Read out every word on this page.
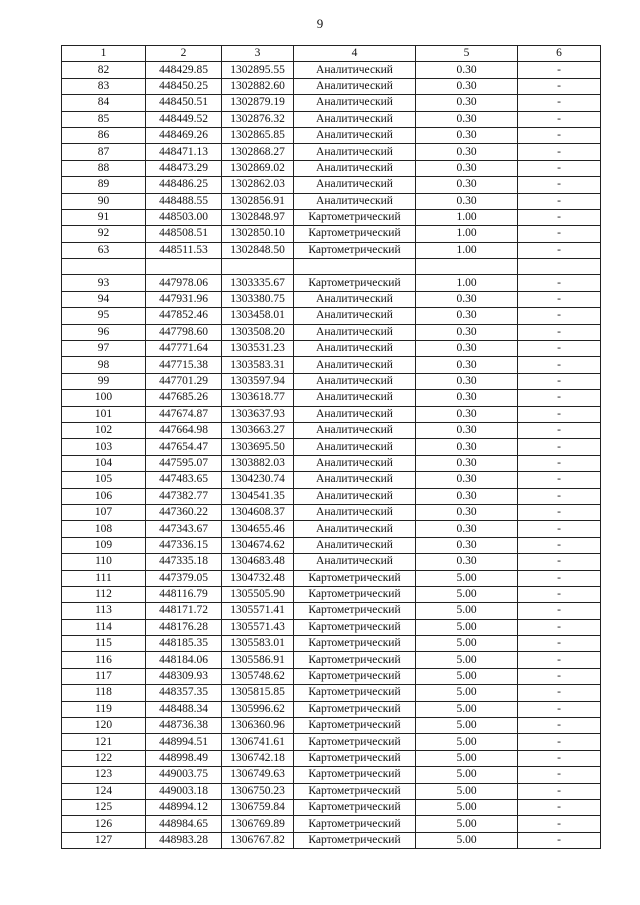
9
1	2	3	4	5	6
82	448429.85	1302895.55	Аналитический	0.30	-
83	448450.25	1302882.60	Аналитический	0.30	-
84	448450.51	1302879.19	Аналитический	0.30	-
85	448449.52	1302876.32	Аналитический	0.30	-
86	448469.26	1302865.85	Аналитический	0.30	-
87	448471.13	1302868.27	Аналитический	0.30	-
88	448473.29	1302869.02	Аналитический	0.30	-
89	448486.25	1302862.03	Аналитический	0.30	-
90	448488.55	1302856.91	Аналитический	0.30	-
91	448503.00	1302848.97	Картометрический	1.00	-
92	448508.51	1302850.10	Картометрический	1.00	-
63	448511.53	1302848.50	Картометрический	1.00	-

93	447978.06	1303335.67	Картометрический	1.00	-
94	447931.96	1303380.75	Аналитический	0.30	-
95	447852.46	1303458.01	Аналитический	0.30	-
96	447798.60	1303508.20	Аналитический	0.30	-
97	447771.64	1303531.23	Аналитический	0.30	-
98	447715.38	1303583.31	Аналитический	0.30	-
99	447701.29	1303597.94	Аналитический	0.30	-
100	447685.26	1303618.77	Аналитический	0.30	-
101	447674.87	1303637.93	Аналитический	0.30	-
102	447664.98	1303663.27	Аналитический	0.30	-
103	447654.47	1303695.50	Аналитический	0.30	-
104	447595.07	1303882.03	Аналитический	0.30	-
105	447483.65	1304230.74	Аналитический	0.30	-
106	447382.77	1304541.35	Аналитический	0.30	-
107	447360.22	1304608.37	Аналитический	0.30	-
108	447343.67	1304655.46	Аналитический	0.30	-
109	447336.15	1304674.62	Аналитический	0.30	-
110	447335.18	1304683.48	Аналитический	0.30	-
111	447379.05	1304732.48	Картометрический	5.00	-
112	448116.79	1305505.90	Картометрический	5.00	-
113	448171.72	1305571.41	Картометрический	5.00	-
114	448176.28	1305571.43	Картометрический	5.00	-
115	448185.35	1305583.01	Картометрический	5.00	-
116	448184.06	1305586.91	Картометрический	5.00	-
117	448309.93	1305748.62	Картометрический	5.00	-
118	448357.35	1305815.85	Картометрический	5.00	-
119	448488.34	1305996.62	Картометрический	5.00	-
120	448736.38	1306360.96	Картометрический	5.00	-
121	448994.51	1306741.61	Картометрический	5.00	-
122	448998.49	1306742.18	Картометрический	5.00	-
123	449003.75	1306749.63	Картометрический	5.00	-
124	449003.18	1306750.23	Картометрический	5.00	-
125	448994.12	1306759.84	Картометрический	5.00	-
126	448984.65	1306769.89	Картометрический	5.00	-
127	448983.28	1306767.82	Картометрический	5.00	-
